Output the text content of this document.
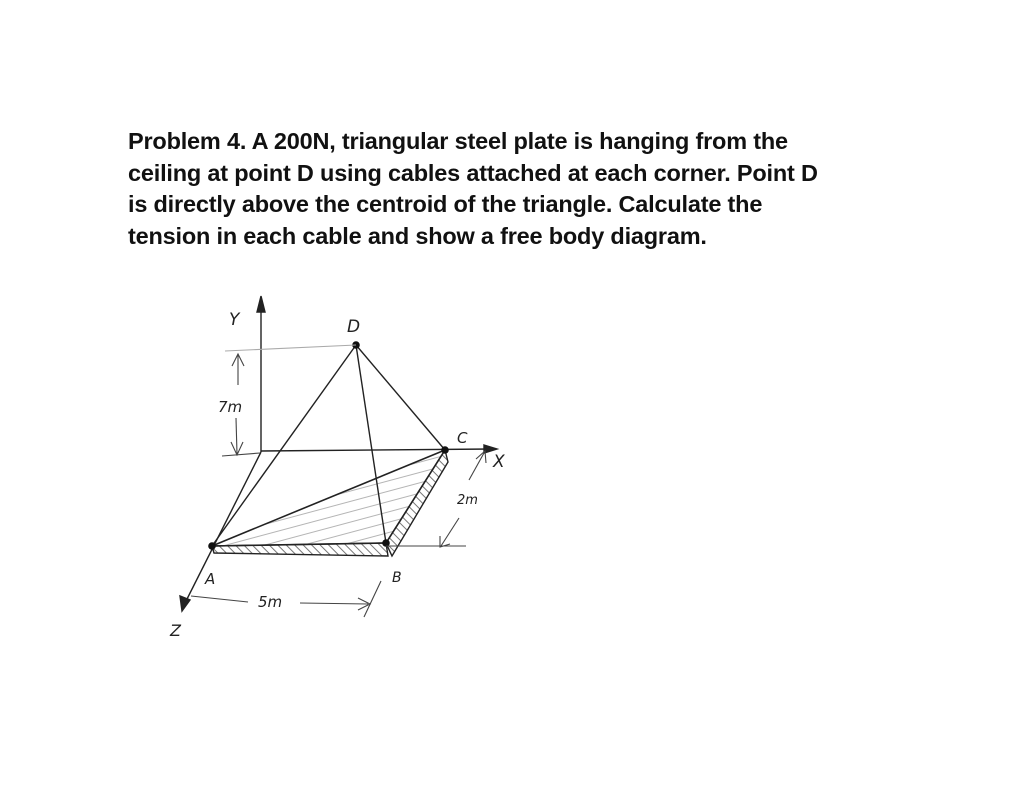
Problem 4. A 200N, triangular steel plate is hanging from the
ceiling at point D using cables attached at each corner. Point D
is directly above the centroid of the triangle. Calculate the
tension in each cable and show a free body diagram.
Y
X
Z
D
C
A	B
7m
5m
2m
